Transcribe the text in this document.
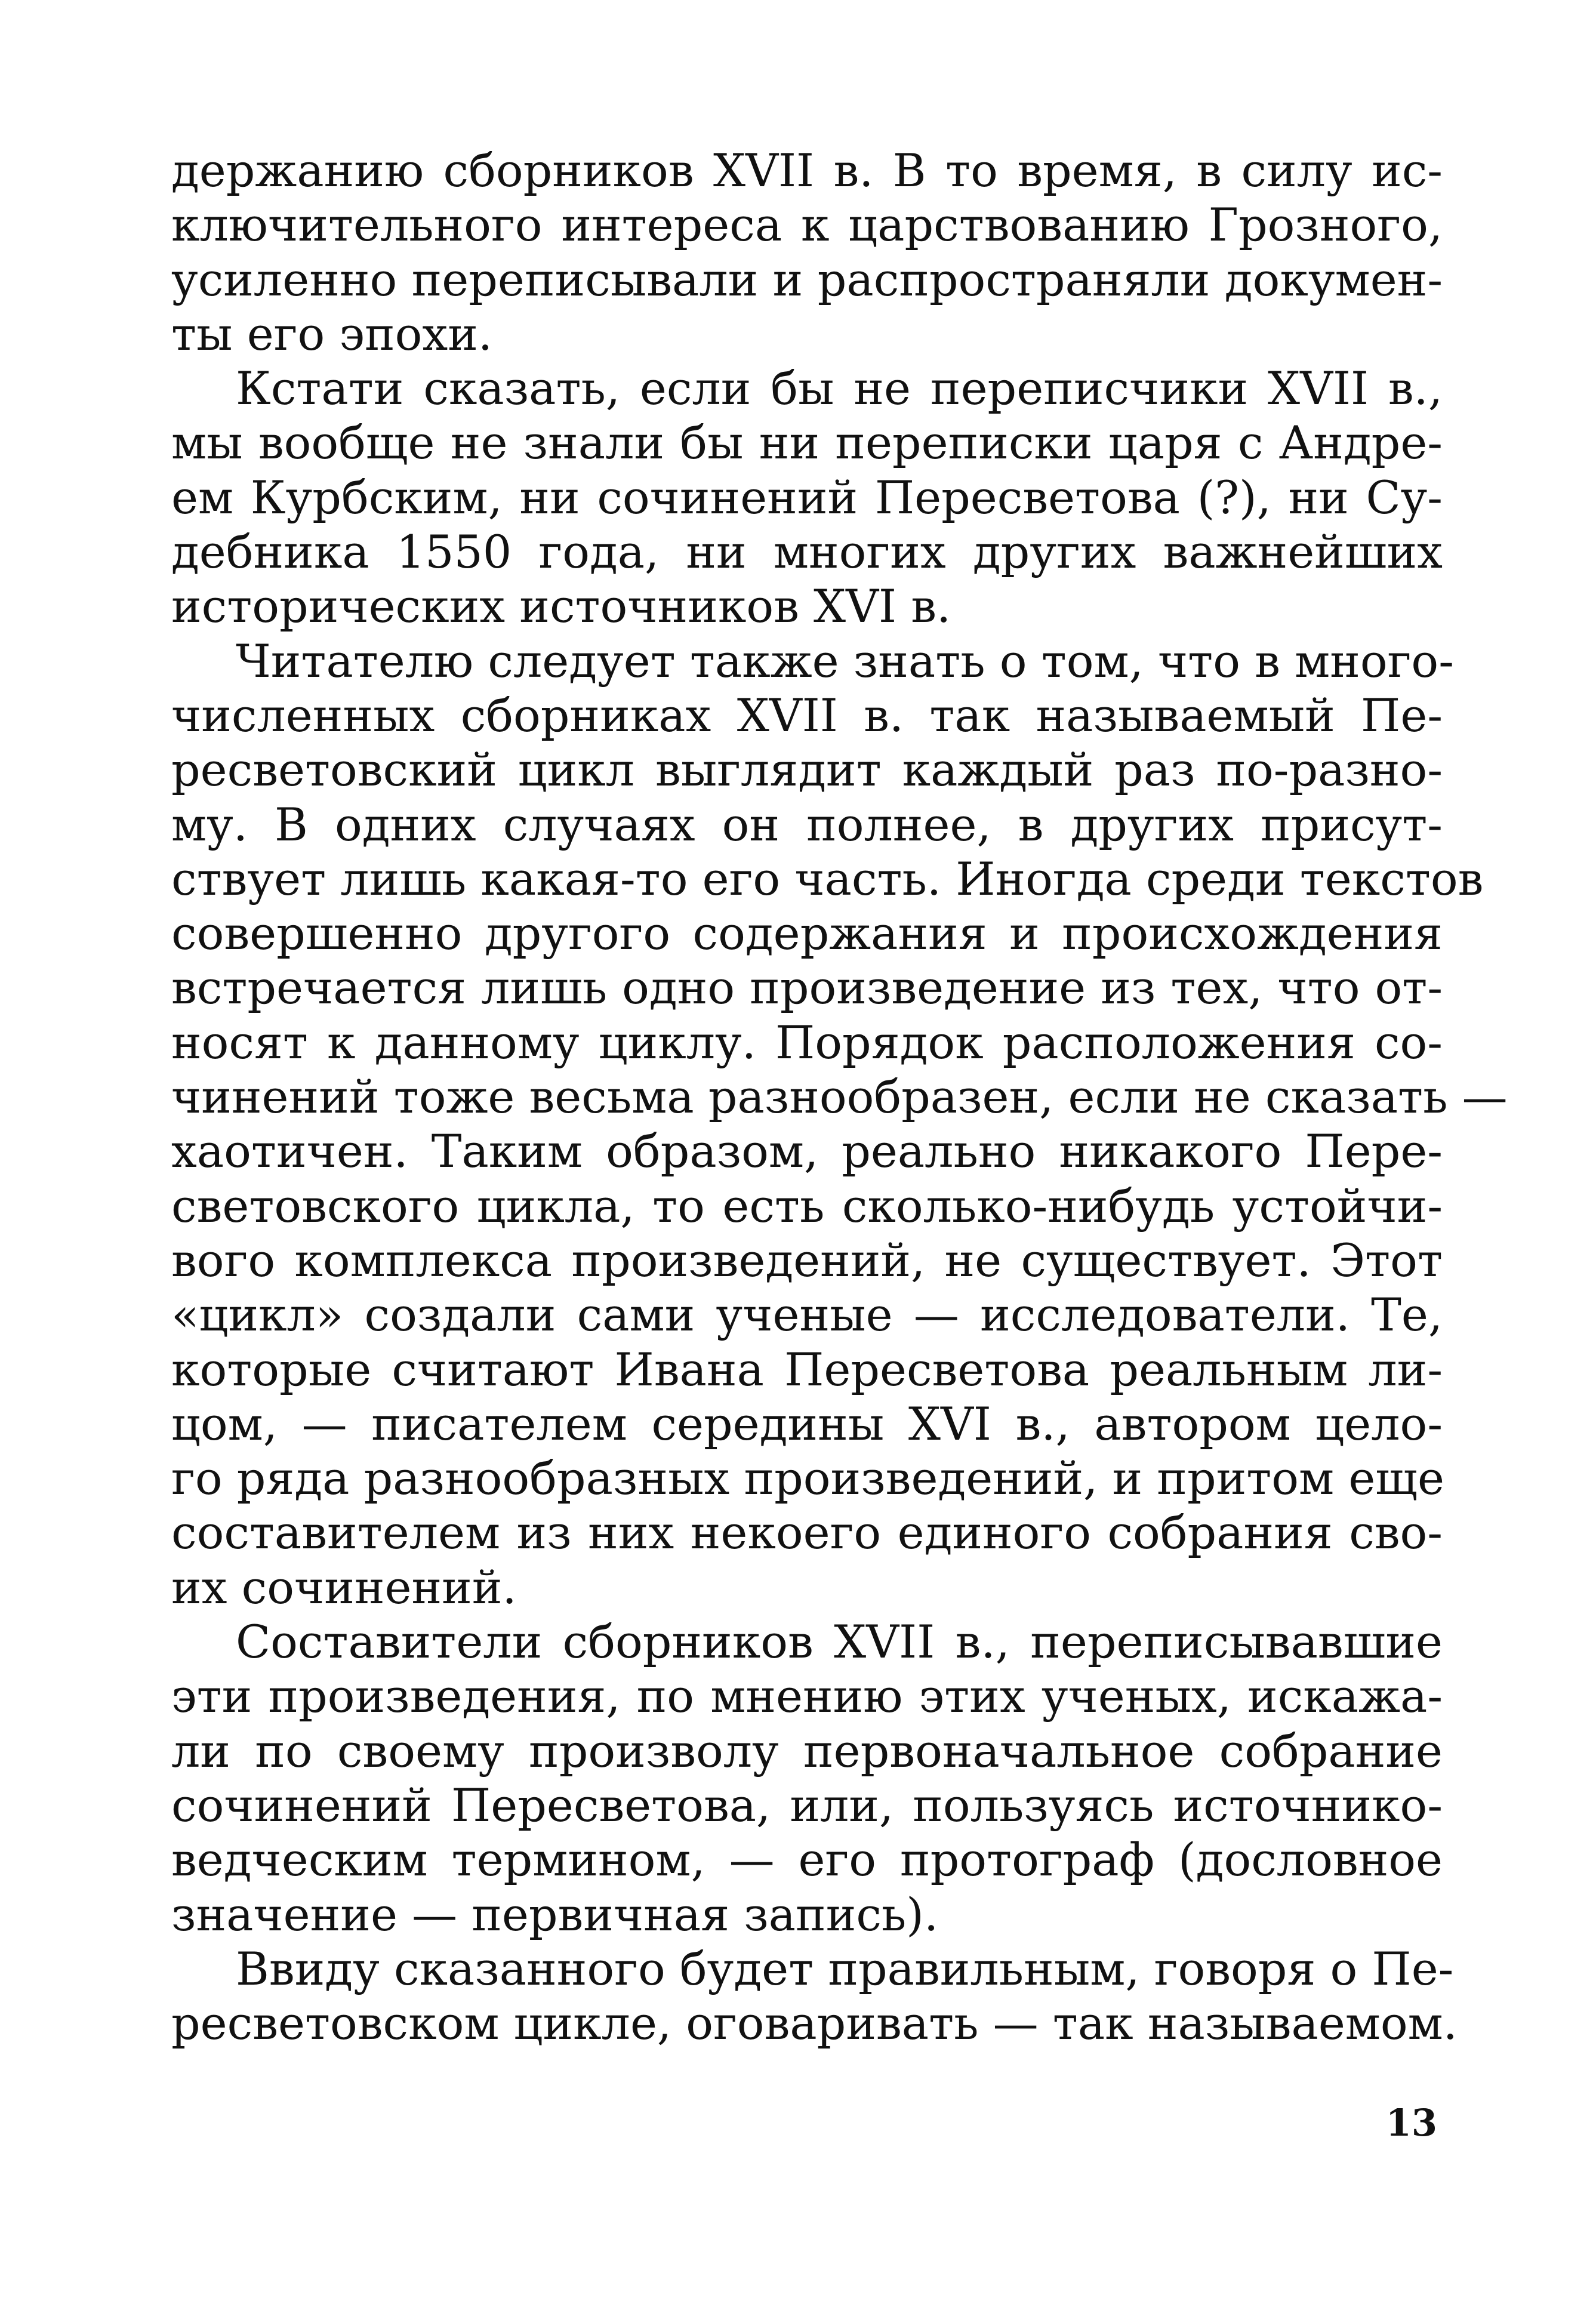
держанию сборников XVII в. В то время, в силу ис-
ключительного интереса к царствованию Грозного,
усиленно переписывали и распространяли докумен-
ты его эпохи.
Кстати сказать, если бы не переписчики XVII в.,
мы вообще не знали бы ни переписки царя с Андре-
ем Курбским, ни сочинений Пересветова (?), ни Су-
дебника 1550 года, ни многих других важнейших
исторических источников XVI в.
Читателю следует также знать о том, что в много-
численных сборниках XVII в. так называемый Пе-
ресветовский цикл выглядит каждый раз по-разно-
му. В одних случаях он полнее, в других присут-
ствует лишь какая-то его часть. Иногда среди текстов
совершенно другого содержания и происхождения
встречается лишь одно произведение из тех, что от-
носят к данному циклу. Порядок расположения со-
чинений тоже весьма разнообразен, если не сказать —
хаотичен. Таким образом, реально никакого Пере-
световского цикла, то есть сколько-нибудь устойчи-
вого комплекса произведений, не существует. Этот
«цикл» создали сами ученые — исследователи. Те,
которые считают Ивана Пересветова реальным ли-
цом, — писателем середины XVI в., автором цело-
го ряда разнообразных произведений, и притом еще
составителем из них некоего единого собрания сво-
их сочинений.
Составители сборников XVII в., переписывавшие
эти произведения, по мнению этих ученых, искажа-
ли по своему произволу первоначальное собрание
сочинений Пересветова, или, пользуясь источнико-
ведческим термином, — его протограф (дословное
значение — первичная запись).
Ввиду сказанного будет правильным, говоря о Пе-
ресветовском цикле, оговаривать — так называемом.
13
